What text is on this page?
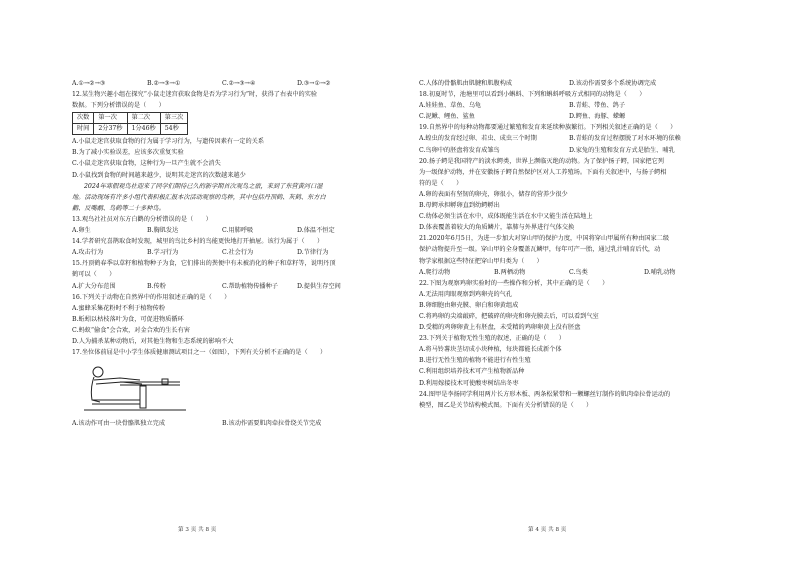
A.①→②→③	B.②→③→①	C.②→③→④	D.③→①→②
12.某生物兴趣小组在探究“小鼠走迷宫获取食物是否为学习行为”时，获得了右表中的实验
数据。下列分析错误的是（　　）
次数	第一次	第二次	第三次
时间	2分37秒	1分46秒	54秒
A.小鼠走迷宫获取食物的行为属于学习行为，与遗传因素有一定的关系
B.为了减小实验误差，应该多次重复实验
C.小鼠走迷宫获取食物，这种行为一旦产生就不会消失
D.小鼠找到食物的时间越来越少，说明其走迷宫的次数越来越少
2024年寒假观鸟社迎来了同学们期待已久的新学期首次观鸟之旅，来到了东营黄河口湿
地。活动现场有许多小组代表积极汇报本次活动观察的鸟种，其中包括丹顶鹤、灰鹤、东方白
鹳、反嘴鹬、鸟鹤等二十多种鸟。
13.观鸟社社员对东方白鹳的分析错误的是（　　）
A.卵生	B.胸肌发达	C.用肺呼吸	D.体温不恒定
14.学者研究喜鹊取食时发现，城里的鸟比乡村的鸟能更快地打开抽屉。该行为属于（　　）
A.攻击行为	B.学习行为	C.社会行为	D.节律行为
15.丹顶鹤春季以草籽和植物种子为食，它们排出的粪便中有未被消化的种子和草籽等，说明丹顶
鹤可以（　　）
A.扩大分布范围	B.传粉	C.帮助植物传播种子	D.提供生存空间
16.下列关于动物在自然界中的作用叙述正确的是（　　）
A.蜜蜂采集花粉时不利于植物传粉
B.蚯蚓以枯枝落叶为食，可促进物质循环
C.蚂蚁“偷食”会合欢，对金合欢的生长有害
D.人为捕杀某种动物后，对其他生物和生态系统的影响不大
17.坐位体前屈是中小学生体质健康测试项目之一（如图），下列有关分析不正确的是（　　）
A.该动作可由一块骨骼肌独立完成	B.该动作需要肌肉牵拉骨绕关节完成
第 3 页 共 8 页
C.人体的骨骼肌由肌腱和肌腹构成	D.该动作需要多个系统协调完成
18.初夏时节，池塘里可以看到小蝌蚪、下列和蝌蚪呼吸方式相同的动物是（　　）
A.娃娃鱼、草鱼、乌龟	B.青蛙、带鱼、鸽子
C.泥鳅、鲤鱼、鲨鱼	D.鳄鱼、海豚、蝾螈
19.自然界中的每种动物都要通过繁殖和发育来延续种族繁衍。下列相关叙述正确的是（　　）
A.蝗虫的发育经过卵、若虫、成虫三个时期	B.青蛙的发育过程摆脱了对水环境的依赖
C.鸟卵中的胚盘将发育成雏鸟	D.家兔的生殖和发育方式是胎生、哺乳
20.扬子鳄是我国特产的淡水鳄类，世界上濒临灭绝的动物。为了保护扬子鳄，国家把它列
为一级保护动物，并在安徽扬子鳄自然保护区对人工养殖场。下面有关叙述中，与扬子鳄相
符的是（　　）
A.卵的表面有坚韧的卵壳，卵很小，储存的营养少很少
B.母鳄承担孵卵直到幼鳄孵出
C.幼体必须生活在水中，成体既能生活在水中又能生活在陆地上
D.体表覆盖着较大的角质鳞片，靠肺与外界进行气体交换
21.2020年6月5日，为进一步加大对穿山甲的保护力度，中国将穿山甲属所有种由国家二级
保护动物提升至一级。穿山甲的全身覆盖瓦鳞甲，每年可产一胎，通过乳汁哺育后代，动
物学家根据这些特征把穿山甲归类为（　　）
A.爬行动物	B.两栖动物	C.鸟类	D.哺乳动物
22.下图为观察鸡卵实验时的一些操作和分析，其中正确的是（　　）
A.无法用肉眼观察到鸡卵壳的气孔
B.卵细胞由卵壳膜、卵白和卵黄组成
C.将鸡卵的尖端敲碎，把破碎的卵壳和卵壳膜去后，可以看到气室
D.受精的鸡卵卵黄上有胚盘，未受精的鸡卵卵黄上没有胚盘
23.下列关于植物无性生殖的叙述，正确的是（　　）
A.将马铃薯块茎切成小块种植，每块都能长成新个体
B.进行无性生殖的植物不能进行有性生殖
C.利用组织培养技术可产生植物新品种
D.利用嫁接技术可使酸枣树结出冬枣
24.图甲是李扬同学利用两片长方形木板、两条松紧带和一颗螺丝钉制作的肌肉牵拉骨运动的
模型，图乙是关节结构模式图。下面有关分析错误的是（　　）
第 4 页 共 8 页
